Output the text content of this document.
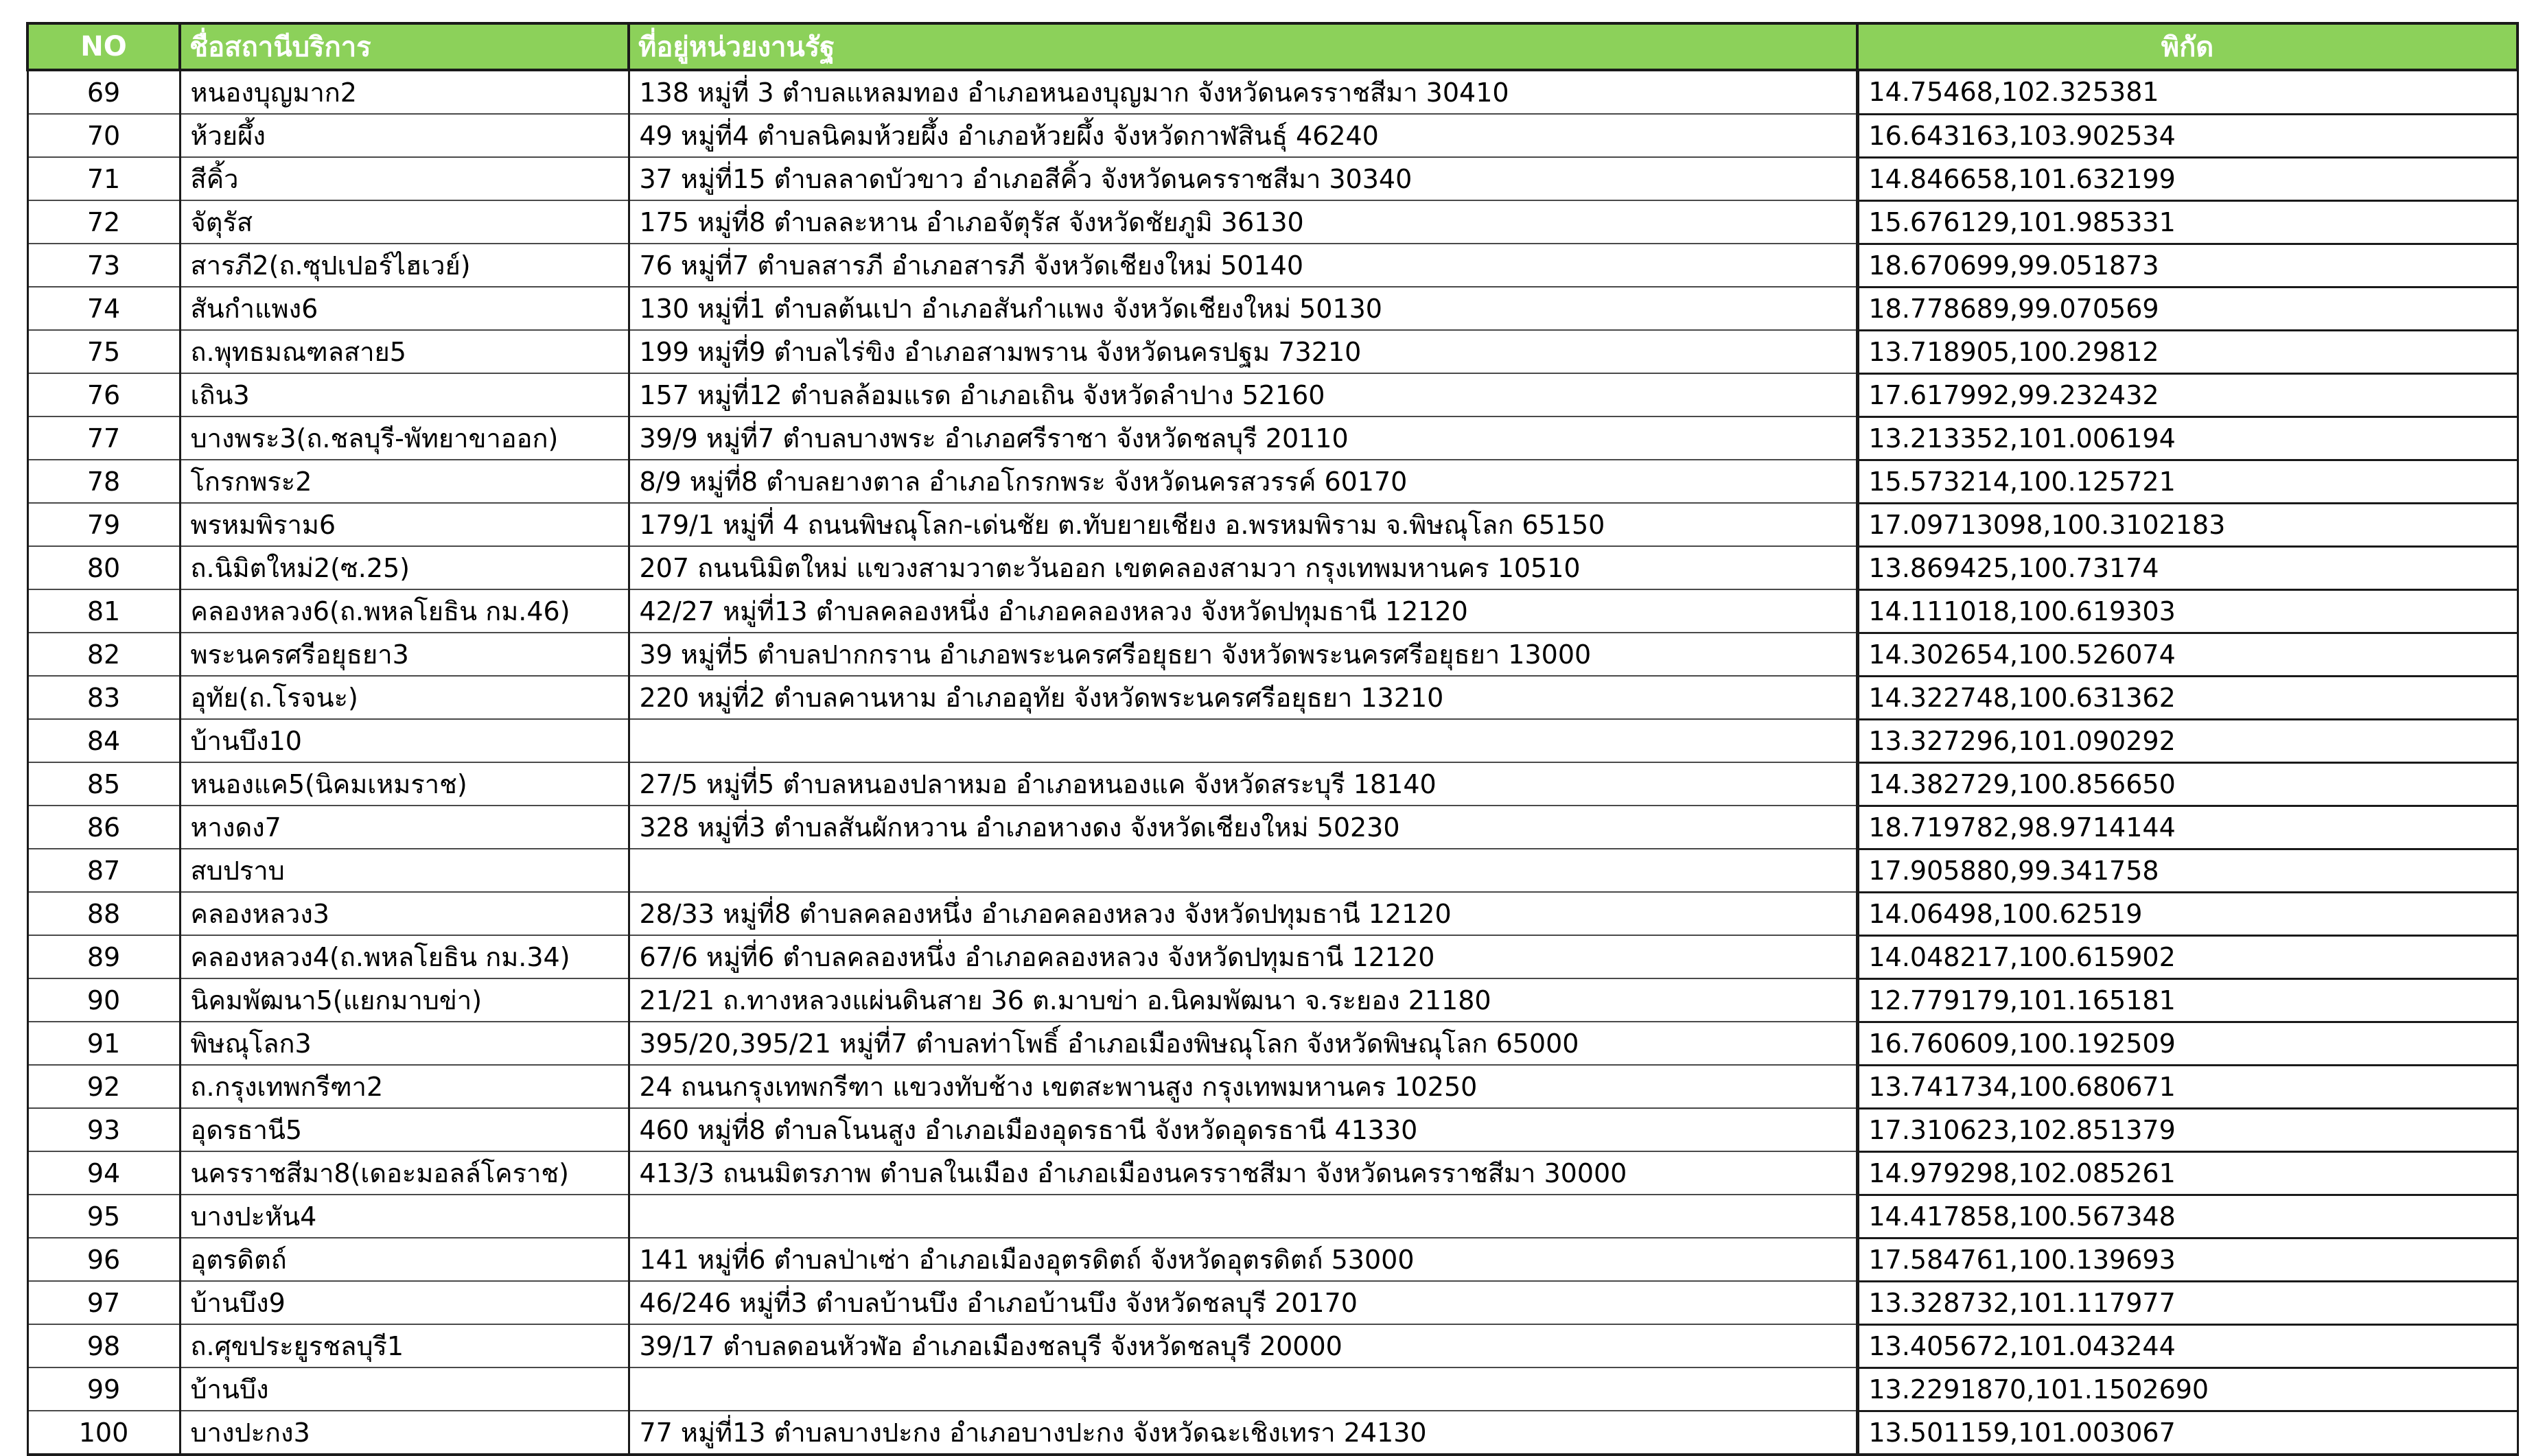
NO	ชื่อสถานีบริการ	ที่อยู่หน่วยงานรัฐ	พิกัด
69	หนองบุญมาก2	138 หมู่ที่ 3 ตำบลแหลมทอง อำเภอหนองบุญมาก จังหวัดนครราชสีมา 30410	14.75468,102.325381
70	ห้วยผึ้ง	49 หมู่ที่4 ตำบลนิคมห้วยผึ้ง อำเภอห้วยผึ้ง จังหวัดกาฬสินธุ์ 46240	16.643163,103.902534
71	สีคิ้ว	37 หมู่ที่15 ตำบลลาดบัวขาว อำเภอสีคิ้ว จังหวัดนครราชสีมา 30340	14.846658,101.632199
72	จัตุรัส	175 หมู่ที่8 ตำบลละหาน อำเภอจัตุรัส จังหวัดชัยภูมิ 36130	15.676129,101.985331
73	สารภี2(ถ.ซุปเปอร์ไฮเวย์)	76 หมู่ที่7 ตำบลสารภี อำเภอสารภี จังหวัดเชียงใหม่ 50140	18.670699,99.051873
74	สันกำแพง6	130 หมู่ที่1 ตำบลต้นเปา อำเภอสันกำแพง จังหวัดเชียงใหม่ 50130	18.778689,99.070569
75	ถ.พุทธมณฑลสาย5	199 หมู่ที่9 ตำบลไร่ขิง อำเภอสามพราน จังหวัดนครปฐม 73210	13.718905,100.29812
76	เถิน3	157 หมู่ที่12 ตำบลล้อมแรด อำเภอเถิน จังหวัดลำปาง 52160	17.617992,99.232432
77	บางพระ3(ถ.ชลบุรี-พัทยาขาออก)	39/9 หมู่ที่7 ตำบลบางพระ อำเภอศรีราชา จังหวัดชลบุรี 20110	13.213352,101.006194
78	โกรกพระ2	8/9 หมู่ที่8 ตำบลยางตาล อำเภอโกรกพระ จังหวัดนครสวรรค์ 60170	15.573214,100.125721
79	พรหมพิราม6	179/1 หมู่ที่ 4 ถนนพิษณุโลก-เด่นชัย ต.ทับยายเชียง อ.พรหมพิราม จ.พิษณุโลก 65150	17.09713098,100.3102183
80	ถ.นิมิตใหม่2(ซ.25)	207 ถนนนิมิตใหม่ แขวงสามวาตะวันออก เขตคลองสามวา กรุงเทพมหานคร 10510	13.869425,100.73174
81	คลองหลวง6(ถ.พหลโยธิน กม.46)	42/27 หมู่ที่13 ตำบลคลองหนึ่ง อำเภอคลองหลวง จังหวัดปทุมธานี 12120	14.111018,100.619303
82	พระนครศรีอยุธยา3	39 หมู่ที่5 ตำบลปากกราน อำเภอพระนครศรีอยุธยา จังหวัดพระนครศรีอยุธยา 13000	14.302654,100.526074
83	อุทัย(ถ.โรจนะ)	220 หมู่ที่2 ตำบลคานหาม อำเภออุทัย จังหวัดพระนครศรีอยุธยา 13210	14.322748,100.631362
84	บ้านบึง10		13.327296,101.090292
85	หนองแค5(นิคมเหมราช)	27/5 หมู่ที่5 ตำบลหนองปลาหมอ อำเภอหนองแค จังหวัดสระบุรี 18140	14.382729,100.856650
86	หางดง7	328 หมู่ที่3 ตำบลสันผักหวาน อำเภอหางดง จังหวัดเชียงใหม่ 50230	18.719782,98.9714144
87	สบปราบ		17.905880,99.341758
88	คลองหลวง3	28/33 หมู่ที่8 ตำบลคลองหนึ่ง อำเภอคลองหลวง จังหวัดปทุมธานี 12120	14.06498,100.62519
89	คลองหลวง4(ถ.พหลโยธิน กม.34)	67/6 หมู่ที่6 ตำบลคลองหนึ่ง อำเภอคลองหลวง จังหวัดปทุมธานี 12120	14.048217,100.615902
90	นิคมพัฒนา5(แยกมาบข่า)	21/21 ถ.ทางหลวงแผ่นดินสาย 36 ต.มาบข่า อ.นิคมพัฒนา จ.ระยอง 21180	12.779179,101.165181
91	พิษณุโลก3	395/20,395/21 หมู่ที่7 ตำบลท่าโพธิ์ อำเภอเมืองพิษณุโลก จังหวัดพิษณุโลก 65000	16.760609,100.192509
92	ถ.กรุงเทพกรีฑา2	24 ถนนกรุงเทพกรีฑา แขวงทับช้าง เขตสะพานสูง กรุงเทพมหานคร 10250	13.741734,100.680671
93	อุดรธานี5	460 หมู่ที่8 ตำบลโนนสูง อำเภอเมืองอุดรธานี จังหวัดอุดรธานี 41330	17.310623,102.851379
94	นครราชสีมา8(เดอะมอลล์โคราช)	413/3 ถนนมิตรภาพ ตำบลในเมือง อำเภอเมืองนครราชสีมา จังหวัดนครราชสีมา 30000	14.979298,102.085261
95	บางปะหัน4		14.417858,100.567348
96	อุตรดิตถ์	141 หมู่ที่6 ตำบลป่าเซ่า อำเภอเมืองอุตรดิตถ์ จังหวัดอุตรดิตถ์ 53000	17.584761,100.139693
97	บ้านบึง9	46/246 หมู่ที่3 ตำบลบ้านบึง อำเภอบ้านบึง จังหวัดชลบุรี 20170	13.328732,101.117977
98	ถ.ศุขประยูรชลบุรี1	39/17 ตำบลดอนหัวฬ่อ อำเภอเมืองชลบุรี จังหวัดชลบุรี 20000	13.405672,101.043244
99	บ้านบึง		13.2291870,101.1502690
100	บางปะกง3	77 หมู่ที่13 ตำบลบางปะกง อำเภอบางปะกง จังหวัดฉะเชิงเทรา 24130	13.501159,101.003067
